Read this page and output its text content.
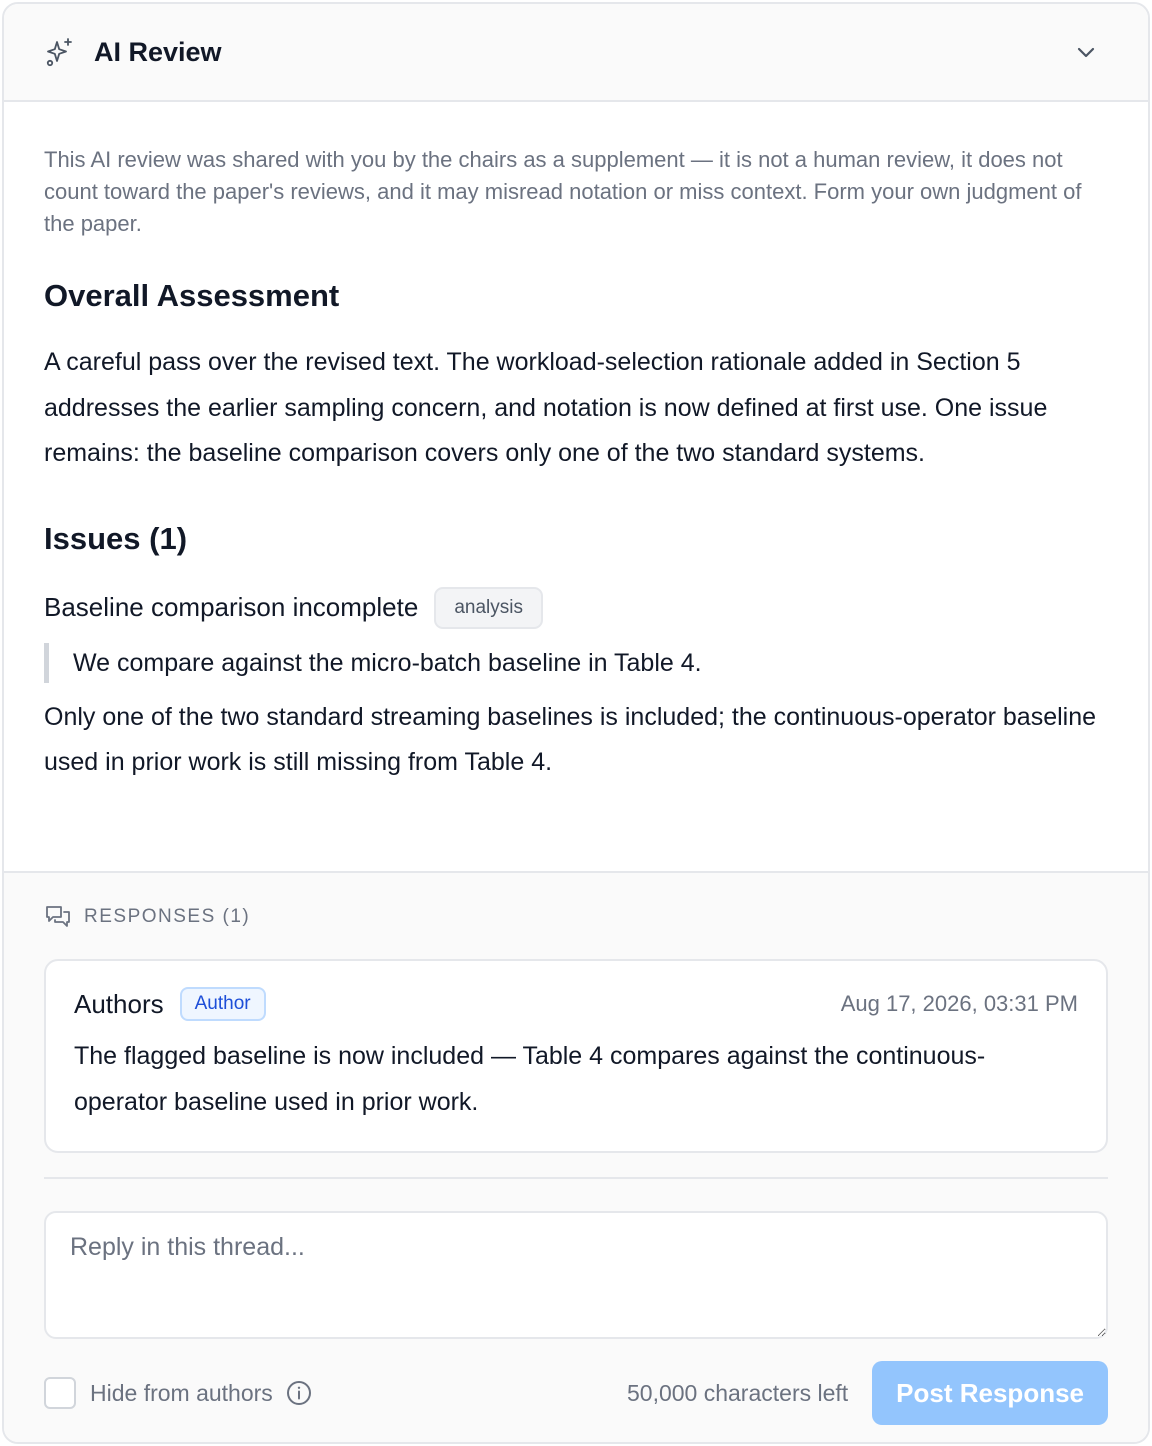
AI Review

This AI review was shared with you by the chairs as a supplement — it is not a human review, it does not count toward the paper's reviews, and it may misread notation or miss context. Form your own judgment of the paper.

Overall Assessment

A careful pass over the revised text. The workload-selection rationale added in Section 5 addresses the earlier sampling concern, and notation is now defined at first use. One issue remains: the baseline comparison covers only one of the two standard systems.

Issues (1)
Baseline comparison incomplete	analysis
We compare against the micro-batch baseline in Table 4.

Only one of the two standard streaming baselines is included; the continuous-operator baseline used in prior work is still missing from Table 4.

RESPONSES (1)
Authors	Author	Aug 17, 2026, 03:31 PM

The flagged baseline is now included — Table 4 compares against the continuous-operator baseline used in prior work.

Reply in this thread...
Hide from authors	50,000 characters left	Post Response
